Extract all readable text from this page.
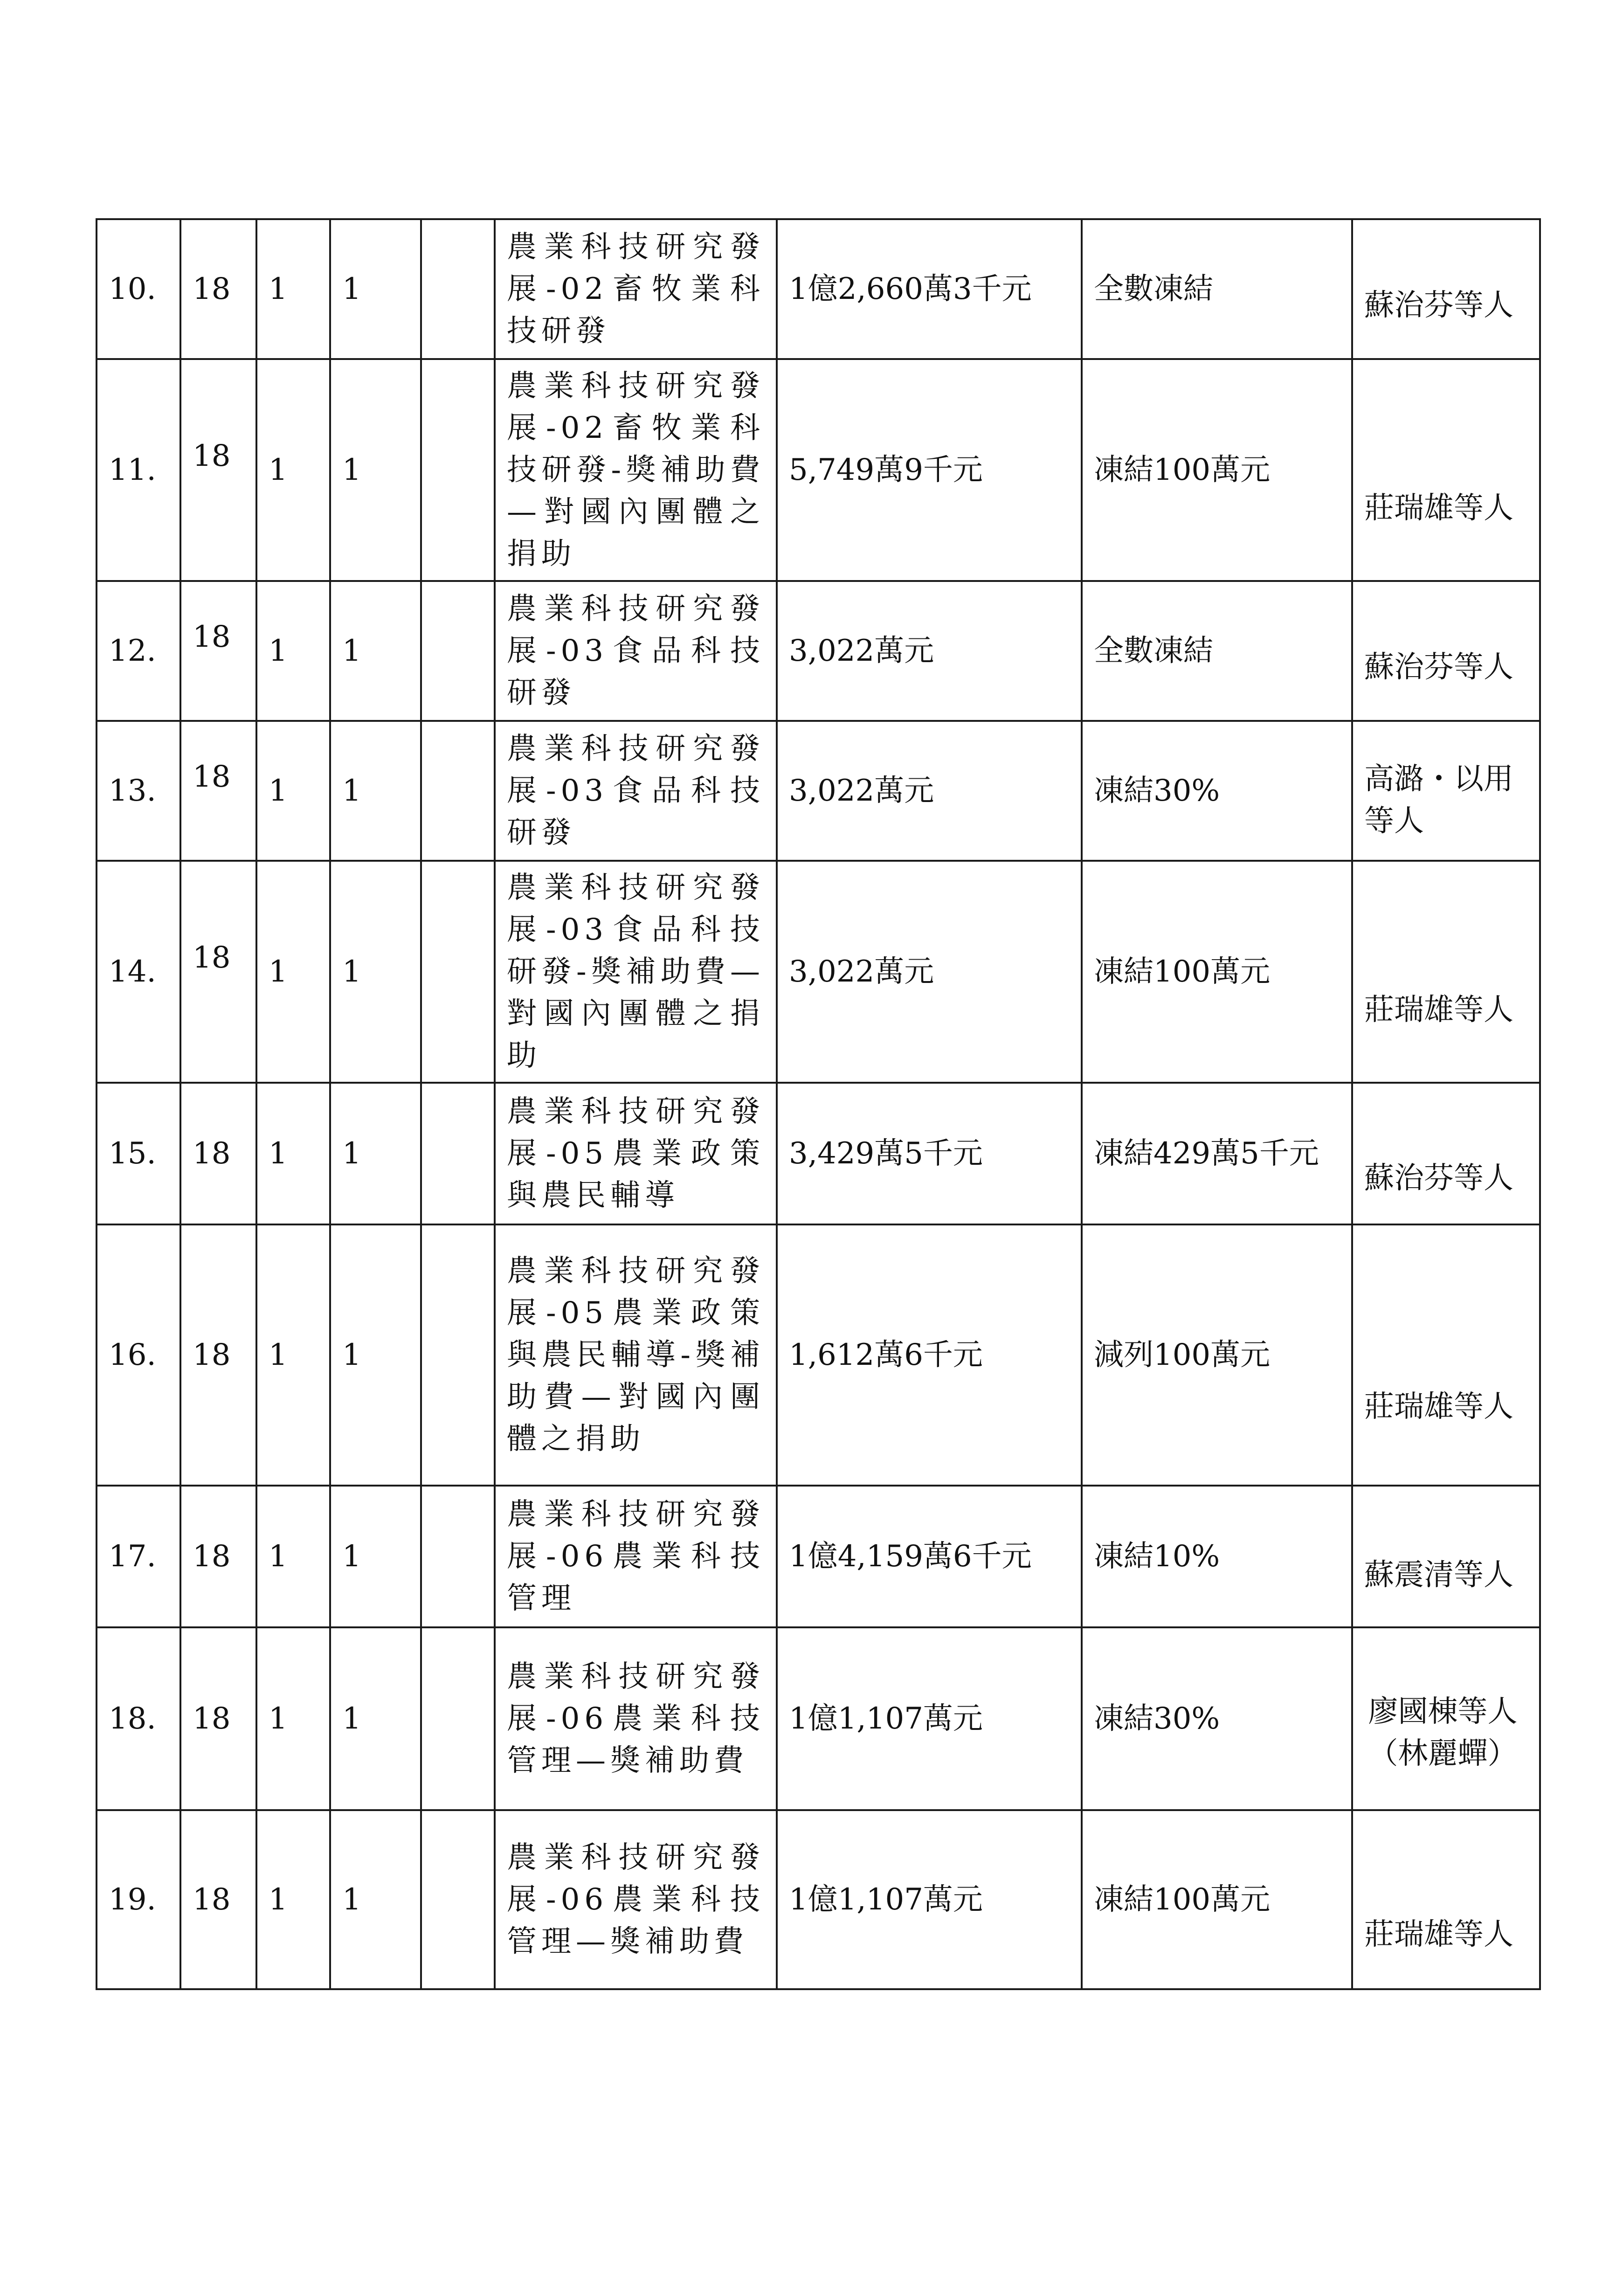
10.	18	1	1		農業科技研究發展-02畜牧業科技研發	1億2,660萬3千元	全數凍結	蘇治芬等人

11.	18	1	1		農業科技研究發展-02畜牧業科技研發-獎補助費—對國內團體之捐助	5,749萬9千元	凍結100萬元	莊瑞雄等人

12.	18	1	1		農業科技研究發展-03食品科技研發	3,022萬元	全數凍結	蘇治芬等人

13.	18	1	1		農業科技研究發展-03食品科技研發	3,022萬元	凍結30%	高潞・以用等人

14.	18	1	1		農業科技研究發展-03食品科技研發-獎補助費—對國內團體之捐助	3,022萬元	凍結100萬元	莊瑞雄等人

15.	18	1	1		農業科技研究發展-05農業政策與農民輔導	3,429萬5千元	凍結429萬5千元	蘇治芬等人

16.	18	1	1		農業科技研究發展-05農業政策與農民輔導-獎補助費—對國內團體之捐助	1,612萬6千元	減列100萬元	莊瑞雄等人

17.	18	1	1		農業科技研究發展-06農業科技管理	1億4,159萬6千元	凍結10%	蘇震清等人

18.	18	1	1		農業科技研究發展-06農業科技管理—獎補助費	1億1,107萬元	凍結30%	廖國棟等人（林麗蟬）

19.	18	1	1		農業科技研究發展-06農業科技管理—獎補助費	1億1,107萬元	凍結100萬元	莊瑞雄等人
